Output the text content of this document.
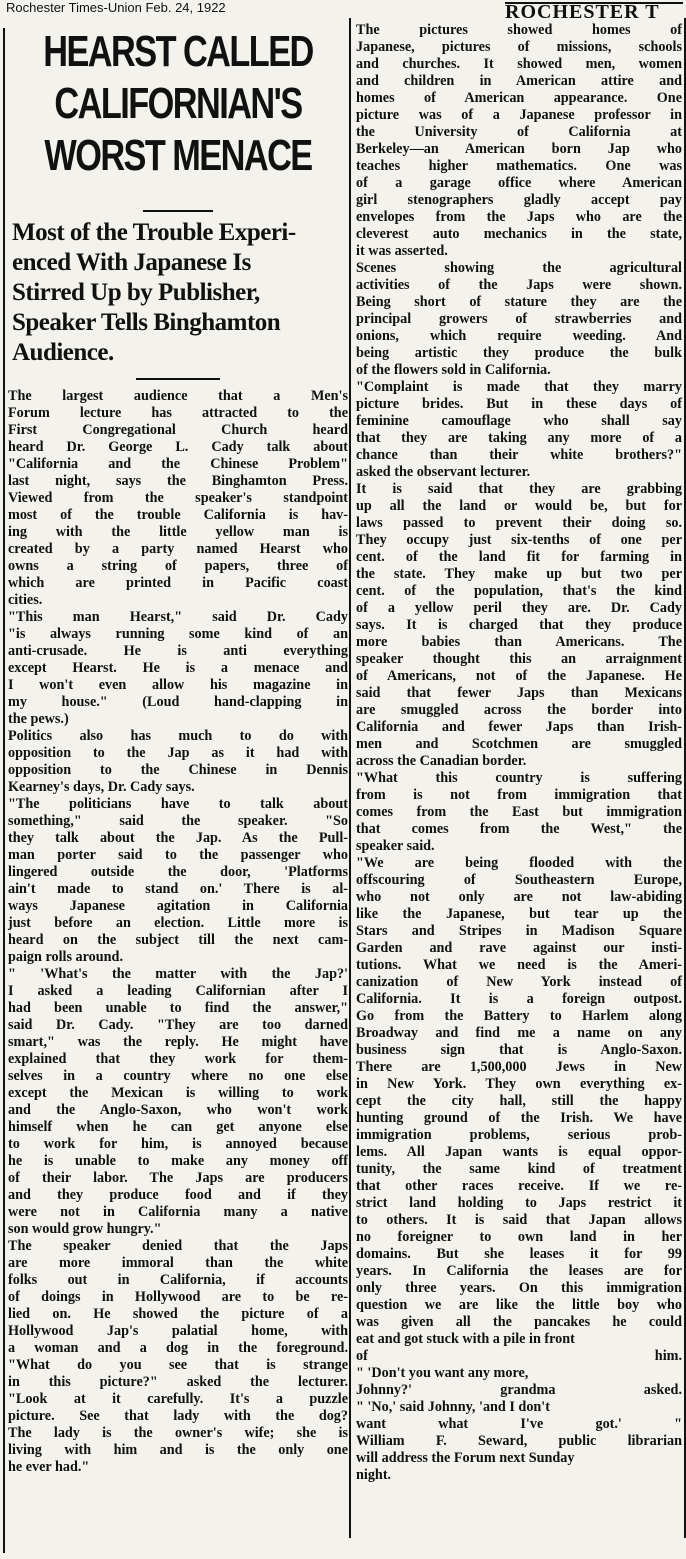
Rochester Times-Union Feb. 24, 1922	ROCHESTER T
HEARST CALLED
CALIFORNIAN'S
WORST MENACE
Most of the Trouble Experi-
enced With Japanese Is
Stirred Up by Publisher,
Speaker Tells Binghamton
Audience.
The largest audience that a Men's
Forum lecture has attracted to the
First Congregational Church heard
heard Dr. George L. Cady talk about
"California and the Chinese Problem"
last night, says the Binghamton Press.
Viewed from the speaker's standpoint
most of the trouble California is hav-
ing with the little yellow man is
created by a party named Hearst who
owns a string of papers, three of
which are printed in Pacific coast
cities.
"This man Hearst," said Dr. Cady
"is always running some kind of an
anti-crusade. He is anti everything
except Hearst. He is a menace and
I won't even allow his magazine in
my house." (Loud hand-clapping in
the pews.)
Politics also has much to do with
opposition to the Jap as it had with
opposition to the Chinese in Dennis
Kearney's days, Dr. Cady says.
"The politicians have to talk about
something," said the speaker. "So
they talk about the Jap. As the Pull-
man porter said to the passenger who
lingered outside the door, 'Platforms
ain't made to stand on.' There is al-
ways Japanese agitation in California
just before an election. Little more is
heard on the subject till the next cam-
paign rolls around.
" 'What's the matter with the Jap?'
I asked a leading Californian after I
had been unable to find the answer,"
said Dr. Cady. "They are too darned
smart," was the reply. He might have
explained that they work for them-
selves in a country where no one else
except the Mexican is willing to work
and the Anglo-Saxon, who won't work
himself when he can get anyone else
to work for him, is annoyed because
he is unable to make any money off
of their labor. The Japs are producers
and they produce food and if they
were not in California many a native
son would grow hungry."
The speaker denied that the Japs
are more immoral than the white
folks out in California, if accounts
of doings in Hollywood are to be re-
lied on. He showed the picture of a
Hollywood Jap's palatial home, with
a woman and a dog in the foreground.
"What do you see that is strange
in this picture?" asked the lecturer.
"Look at it carefully. It's a puzzle
picture. See that lady with the dog?
The lady is the owner's wife; she is
living with him and is the only one
he ever had."
The pictures showed homes of
Japanese, pictures of missions, schools
and churches. It showed men, women
and children in American attire and
homes of American appearance. One
picture was of a Japanese professor in
the University of California at
Berkeley—an American born Jap who
teaches higher mathematics. One was
of a garage office where American
girl stenographers gladly accept pay
envelopes from the Japs who are the
cleverest auto mechanics in the state,
it was asserted.
Scenes showing the agricultural
activities of the Japs were shown.
Being short of stature they are the
principal growers of strawberries and
onions, which require weeding. And
being artistic they produce the bulk
of the flowers sold in California.
"Complaint is made that they marry
picture brides. But in these days of
feminine camouflage who shall say
that they are taking any more of a
chance than their white brothers?"
asked the observant lecturer.
It is said that they are grabbing
up all the land or would be, but for
laws passed to prevent their doing so.
They occupy just six-tenths of one per
cent. of the land fit for farming in
the state. They make up but two per
cent. of the population, that's the kind
of a yellow peril they are. Dr. Cady
says. It is charged that they produce
more babies than Americans. The
speaker thought this an arraignment
of Americans, not of the Japanese. He
said that fewer Japs than Mexicans
are smuggled across the border into
California and fewer Japs than Irish-
men and Scotchmen are smuggled
across the Canadian border.
"What this country is suffering
from is not from immigration that
comes from the East but immigration
that comes from the West," the
speaker said.
"We are being flooded with the
offscouring of Southeastern Europe,
who not only are not law-abiding
like the Japanese, but tear up the
Stars and Stripes in Madison Square
Garden and rave against our insti-
tutions. What we need is the Ameri-
canization of New York instead of
California. It is a foreign outpost.
Go from the Battery to Harlem along
Broadway and find me a name on any
business sign that is Anglo-Saxon.
There are 1,500,000 Jews in New
in New York. They own everything ex-
cept the city hall, still the happy
hunting ground of the Irish. We have
immigration problems, serious prob-
lems. All Japan wants is equal oppor-
tunity, the same kind of treatment
that other races receive. If we re-
strict land holding to Japs restrict it
to others. It is said that Japan allows
no foreigner to own land in her
domains. But she leases it for 99
years. In California the leases are for
only three years. On this immigration
question we are like the little boy who
was given all the pancakes he could
eat and got stuck with a pile in front
of him.
" 'Don't you want any more,
Johnny?' grandma asked.
" 'No,' said Johnny, 'and I don't
want what I've got.' "
William F. Seward, public librarian
will address the Forum next Sunday
night.
